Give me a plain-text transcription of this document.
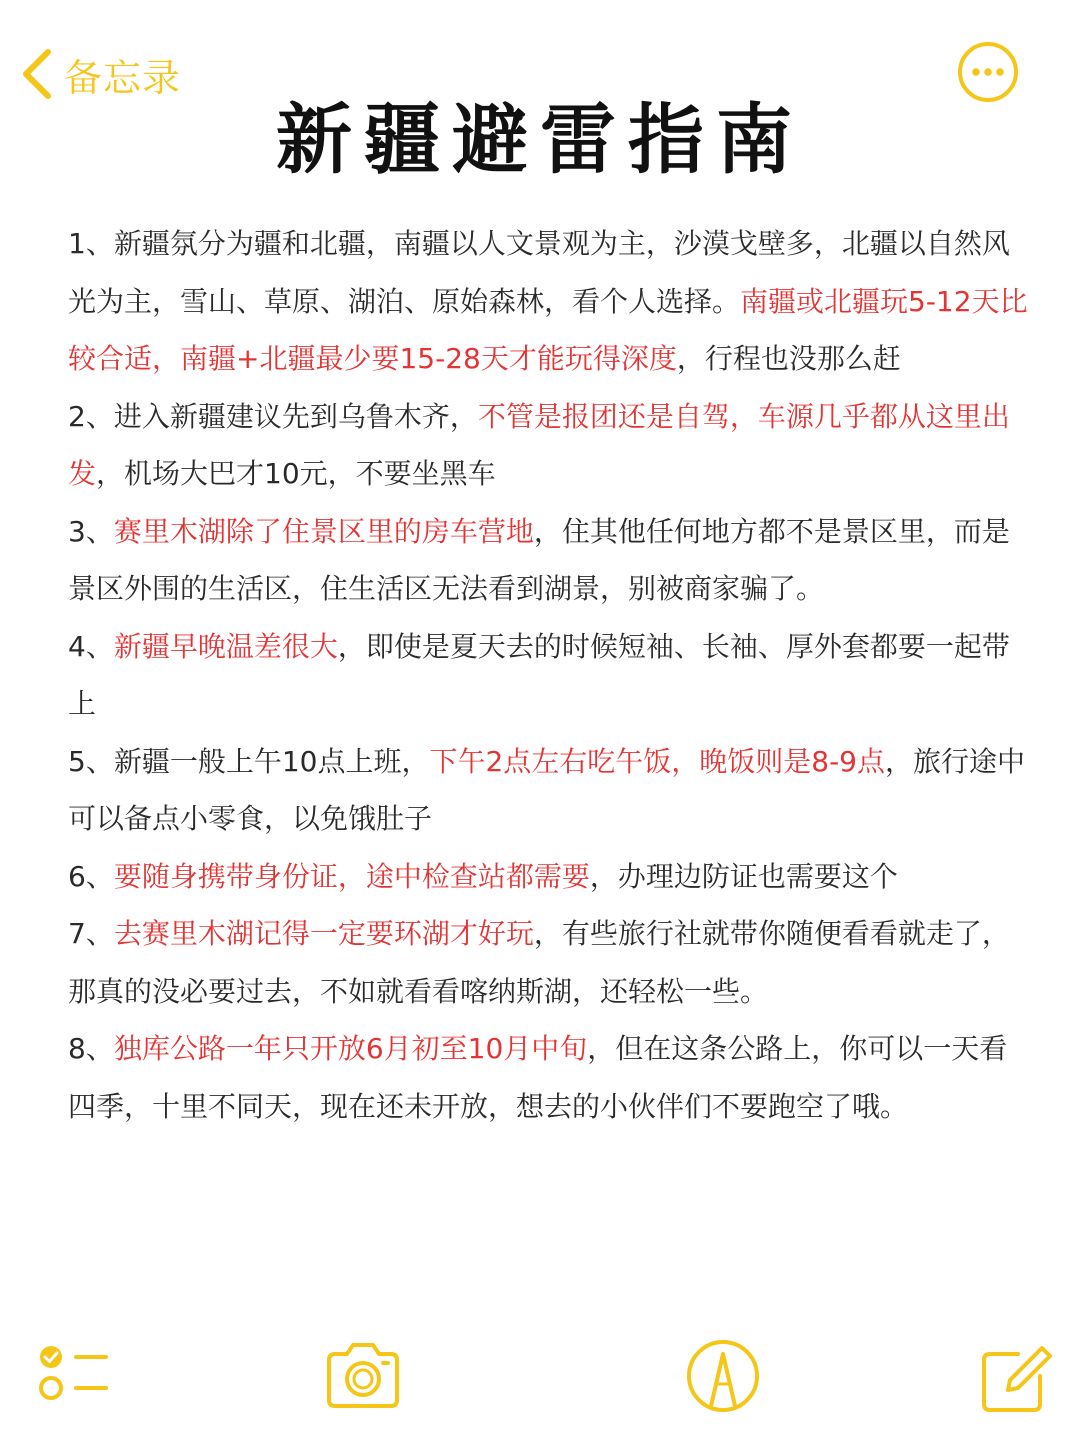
备忘录
新疆避雷指南
1、新疆氛分为疆和北疆，南疆以人文景观为主，沙漠戈壁多，北疆以自然风光为主，雪山、草原、湖泊、原始森林，看个人选择。南疆或北疆玩5-12天比较合适，南疆+北疆最少要15-28天才能玩得深度，行程也没那么赶
2、进入新疆建议先到乌鲁木齐，不管是报团还是自驾，车源几乎都从这里出发，机场大巴才10元，不要坐黑车
3、赛里木湖除了住景区里的房车营地，住其他任何地方都不是景区里，而是景区外围的生活区，住生活区无法看到湖景，别被商家骗了。
4、新疆早晚温差很大，即使是夏天去的时候短袖、长袖、厚外套都要一起带上
5、新疆一般上午10点上班，下午2点左右吃午饭，晚饭则是8-9点，旅行途中可以备点小零食，以免饿肚子
6、要随身携带身份证，途中检查站都需要，办理边防证也需要这个
7、去赛里木湖记得一定要环湖才好玩，有些旅行社就带你随便看看就走了，那真的没必要过去，不如就看看喀纳斯湖，还轻松一些。
8、独库公路一年只开放6月初至10月中旬，但在这条公路上，你可以一天看四季，十里不同天，现在还未开放，想去的小伙伴们不要跑空了哦。
